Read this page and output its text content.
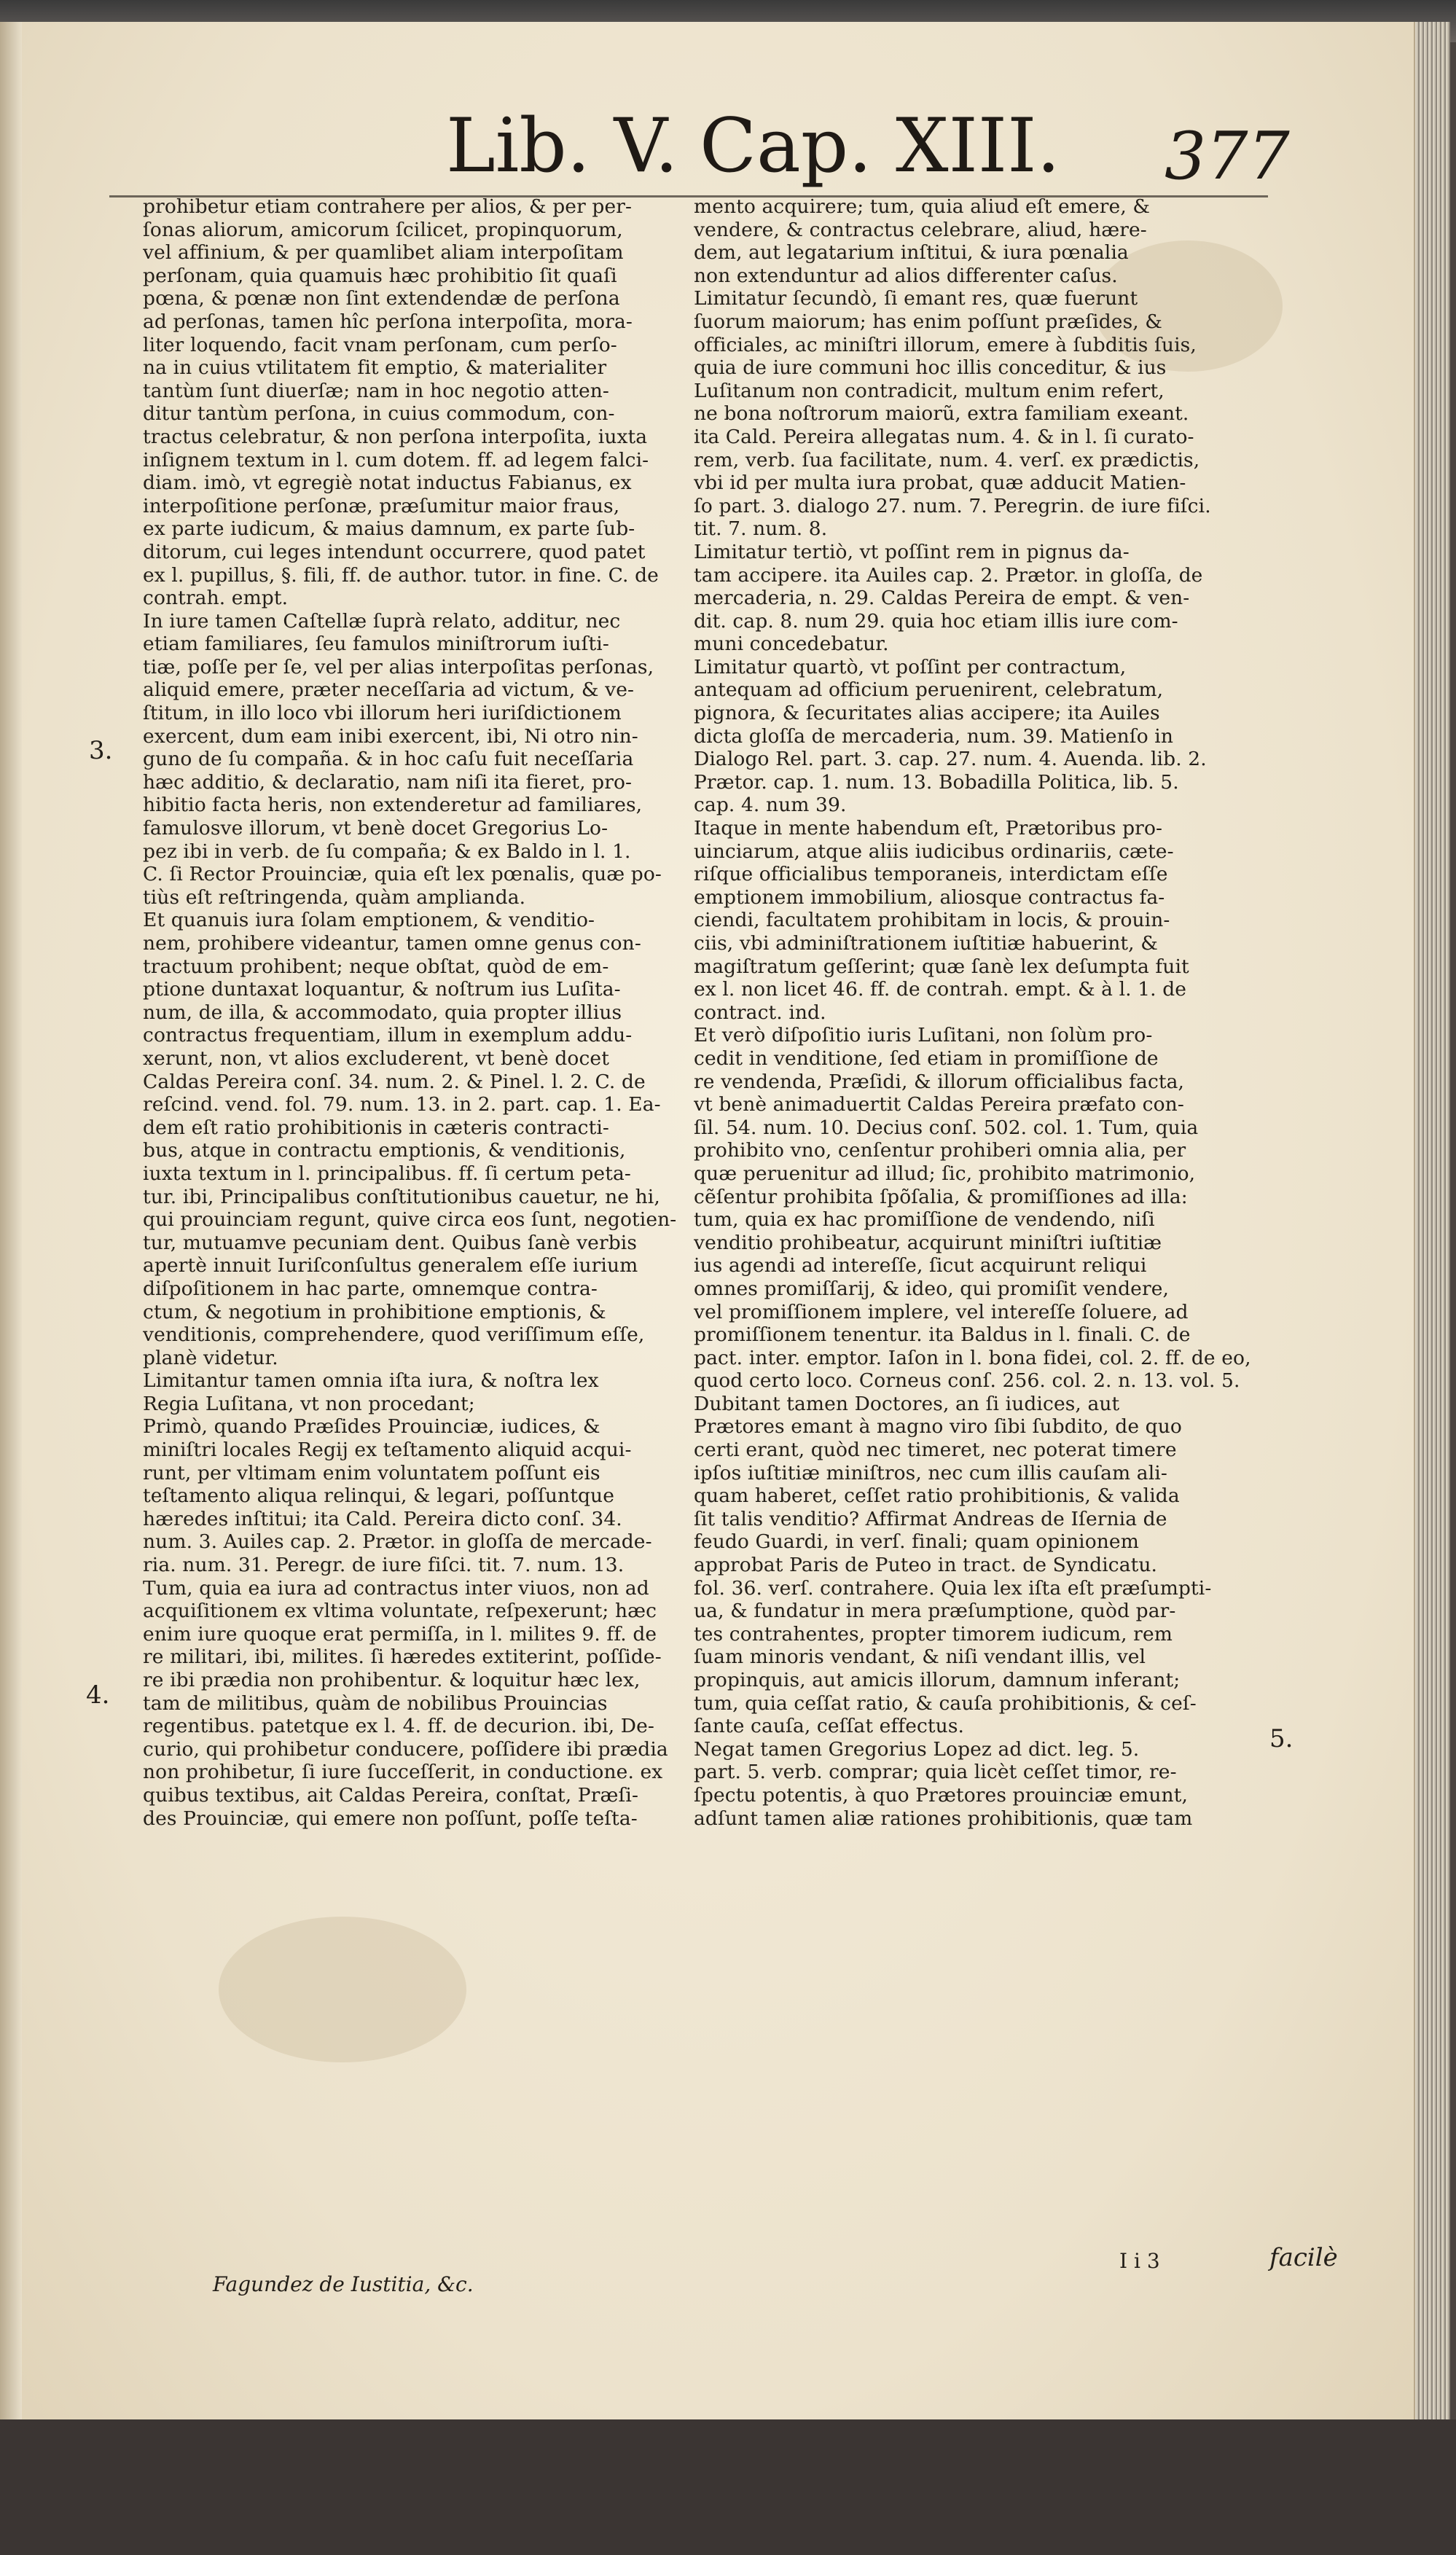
Lib. V. Cap. XIII. 377
prohibetur etiam contrahere per alios, & per per-
ſonas aliorum, amicorum ſcilicet, propinquorum,
vel affinium, & per quamlibet aliam interpoſitam
perſonam, quia quamuis hæc prohibitio ſit quaſi
pœna, & pœnæ non ſint extendendæ de perſona
ad perſonas, tamen hîc perſona interpoſita, mora-
liter loquendo, facit vnam perſonam, cum perſo-
na in cuius vtilitatem fit emptio, & materialiter
tantùm ſunt diuerſæ; nam in hoc negotio atten-
ditur tantùm perſona, in cuius commodum, con-
tractus celebratur, & non perſona interpoſita, iuxta
inſignem textum in l. cum dotem. ff. ad legem falci-
diam. imò, vt egregiè notat inductus Fabianus, ex
interpoſitione perſonæ, præſumitur maior fraus,
ex parte iudicum, & maius damnum, ex parte ſub-
ditorum, cui leges intendunt occurrere, quod patet
ex l. pupillus, §. fili, ff. de author. tutor. in fine. C. de
contrah. empt.
In iure tamen Caſtellæ ſuprà relato, additur, nec
etiam familiares, ſeu famulos miniſtrorum iuſti-
tiæ, poſſe per ſe, vel per alias interpoſitas perſonas,
aliquid emere, præter neceſſaria ad victum, & ve-
ſtitum, in illo loco vbi illorum heri iuriſdictionem
exercent, dum eam inibi exercent, ibi, Ni otro nin-
guno de ſu compaña. & in hoc caſu fuit neceſſaria
hæc additio, & declaratio, nam niſi ita fieret, pro-
hibitio facta heris, non extenderetur ad familiares,
famulosve illorum, vt benè docet Gregorius Lo-
pez ibi in verb. de ſu compaña; & ex Baldo in l. 1.
C. ſi Rector Prouinciæ, quia eſt lex pœnalis, quæ po-
tiùs eſt reſtringenda, quàm amplianda.
Et quanuis iura ſolam emptionem, & venditio-
nem, prohibere videantur, tamen omne genus con-
tractuum prohibent; neque obſtat, quòd de em-
ptione duntaxat loquantur, & noſtrum ius Luſita-
num, de illa, & accommodato, quia propter illius
contractus frequentiam, illum in exemplum addu-
xerunt, non, vt alios excluderent, vt benè docet
Caldas Pereira conſ. 34. num. 2. & Pinel. l. 2. C. de
reſcind. vend. fol. 79. num. 13. in 2. part. cap. 1. Ea-
dem eſt ratio prohibitionis in cæteris contracti-
bus, atque in contractu emptionis, & venditionis,
iuxta textum in l. principalibus. ff. ſi certum peta-
tur. ibi, Principalibus conſtitutionibus cauetur, ne hi,
qui prouinciam regunt, quive circa eos ſunt, negotien-
tur, mutuamve pecuniam dent. Quibus ſanè verbis
apertè innuit Iuriſconſultus generalem eſſe iurium
diſpoſitionem in hac parte, omnemque contra-
ctum, & negotium in prohibitione emptionis, &
venditionis, comprehendere, quod veriſſimum eſſe,
planè videtur.
Limitantur tamen omnia iſta iura, & noſtra lex
Regia Luſitana, vt non procedant;
Primò, quando Præſides Prouinciæ, iudices, &
miniſtri locales Regij ex teſtamento aliquid acqui-
runt, per vltimam enim voluntatem poſſunt eis
teſtamento aliqua relinqui, & legari, poſſuntque
hæredes inſtitui; ita Cald. Pereira dicto conſ. 34.
num. 3. Auiles cap. 2. Prætor. in gloſſa de mercade-
ria. num. 31. Peregr. de iure fiſci. tit. 7. num. 13.
Tum, quia ea iura ad contractus inter viuos, non ad
acquiſitionem ex vltima voluntate, reſpexerunt; hæc
enim iure quoque erat permiſſa, in l. milites 9. ff. de
re militari, ibi, milites. ſi hæredes extiterint, poſſide-
re ibi prædia non prohibentur. & loquitur hæc lex,
tam de militibus, quàm de nobilibus Prouincias
regentibus. patetque ex l. 4. ff. de decurion. ibi, De-
curio, qui prohibetur conducere, poſſidere ibi prædia
non prohibetur, ſi iure ſucceſſerit, in conductione. ex
quibus textibus, ait Caldas Pereira, conſtat, Præſi-
des Prouinciæ, qui emere non poſſunt, poſſe teſta-
mento acquirere; tum, quia aliud eſt emere, &
vendere, & contractus celebrare, aliud, hære-
dem, aut legatarium inſtitui, & iura pœnalia
non extenduntur ad alios differenter caſus.
Limitatur ſecundò, ſi emant res, quæ fuerunt
ſuorum maiorum; has enim poſſunt præſides, &
officiales, ac miniſtri illorum, emere à ſubditis ſuis,
quia de iure communi hoc illis conceditur, & ius
Luſitanum non contradicit, multum enim refert,
ne bona noſtrorum maiorũ, extra familiam exeant.
ita Cald. Pereira allegatas num. 4. & in l. ſi curato-
rem, verb. ſua facilitate, num. 4. verſ. ex prædictis,
vbi id per multa iura probat, quæ adducit Matien-
ſo part. 3. dialogo 27. num. 7. Peregrin. de iure fiſci.
tit. 7. num. 8.
Limitatur tertiò, vt poſſint rem in pignus da-
tam accipere. ita Auiles cap. 2. Prætor. in gloſſa, de
mercaderia, n. 29. Caldas Pereira de empt. & ven-
dit. cap. 8. num 29. quia hoc etiam illis iure com-
muni concedebatur.
Limitatur quartò, vt poſſint per contractum,
antequam ad officium peruenirent, celebratum,
pignora, & ſecuritates alias accipere; ita Auiles
dicta gloſſa de mercaderia, num. 39. Matienſo in
Dialogo Rel. part. 3. cap. 27. num. 4. Auenda. lib. 2.
Prætor. cap. 1. num. 13. Bobadilla Politica, lib. 5.
cap. 4. num 39.
Itaque in mente habendum eſt, Prætoribus pro-
uinciarum, atque aliis iudicibus ordinariis, cæte-
riſque officialibus temporaneis, interdictam eſſe
emptionem immobilium, aliosque contractus fa-
ciendi, facultatem prohibitam in locis, & prouin-
ciis, vbi adminiſtrationem iuſtitiæ habuerint, &
magiſtratum geſſerint; quæ ſanè lex deſumpta fuit
ex l. non licet 46. ff. de contrah. empt. & à l. 1. de
contract. ind.
Et verò diſpoſitio iuris Luſitani, non ſolùm pro-
cedit in venditione, ſed etiam in promiſſione de
re vendenda, Præſidi, & illorum officialibus facta,
vt benè animaduertit Caldas Pereira præfato con-
ſil. 54. num. 10. Decius conſ. 502. col. 1. Tum, quia
prohibito vno, cenſentur prohiberi omnia alia, per
quæ peruenitur ad illud; ſic, prohibito matrimonio,
cẽſentur prohibita ſpõſalia, & promiſſiones ad illa:
tum, quia ex hac promiſſione de vendendo, niſi
venditio prohibeatur, acquirunt miniſtri iuſtitiæ
ius agendi ad intereſſe, ſicut acquirunt reliqui
omnes promiſſarij, & ideo, qui promiſit vendere,
vel promiſſionem implere, vel intereſſe ſoluere, ad
promiſſionem tenentur. ita Baldus in l. finali. C. de
pact. inter. emptor. Iaſon in l. bona fidei, col. 2. ff. de eo,
quod certo loco. Corneus conſ. 256. col. 2. n. 13. vol. 5.
Dubitant tamen Doctores, an ſi iudices, aut
Prætores emant à magno viro ſibi ſubdito, de quo
certi erant, quòd nec timeret, nec poterat timere
ipſos iuſtitiæ miniſtros, nec cum illis cauſam ali-
quam haberet, ceſſet ratio prohibitionis, & valida
ſit talis venditio? Affirmat Andreas de Iſernia de
feudo Guardi, in verſ. finali; quam opinionem
approbat Paris de Puteo in tract. de Syndicatu.
fol. 36. verſ. contrahere. Quia lex iſta eſt præſumpti-
ua, & fundatur in mera præſumptione, quòd par-
tes contrahentes, propter timorem iudicum, rem
ſuam minoris vendant, & niſi vendant illis, vel
propinquis, aut amicis illorum, damnum inferant;
tum, quia ceſſat ratio, & cauſa prohibitionis, & ceſ-
ſante cauſa, ceſſat effectus.
Negat tamen Gregorius Lopez ad dict. leg. 5.
part. 5. verb. comprar; quia licèt ceſſet timor, re-
ſpectu potentis, à quo Prætores prouinciæ emunt,
adſunt tamen aliæ rationes prohibitionis, quæ tam
3.
4.
5.
Fagundez de Iustitia, &c.
I i 3	facilè
